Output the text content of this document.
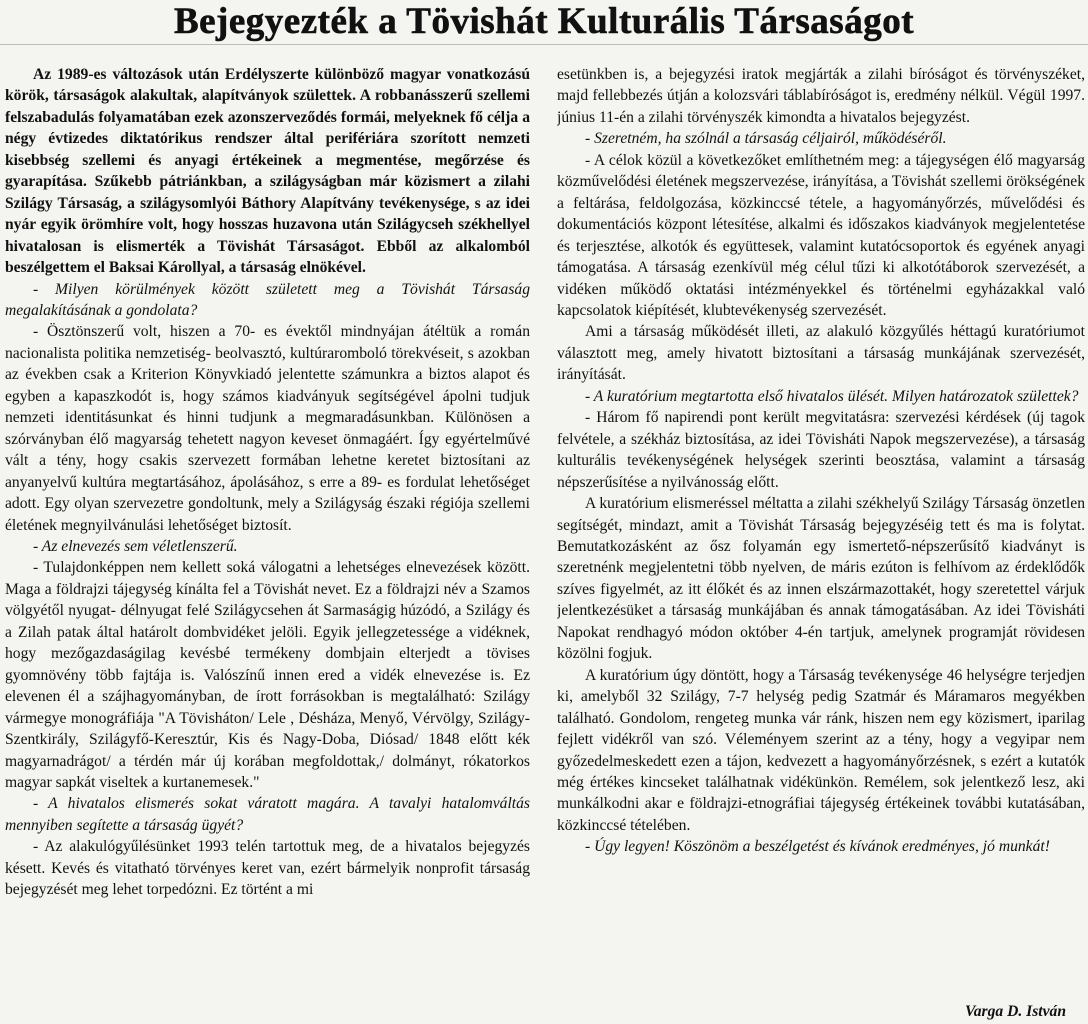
Bejegyezték a Tövishát Kulturális Társaságot

Az 1989-es változások után Erdélyszerte különböző magyar vonatkozású körök, társaságok alakultak, alapítványok születtek. A robbanásszerű szellemi felszabadulás folyamatában ezek azonszerveződés formái, melyeknek fő célja a négy évtizedes diktatórikus rendszer által perifériára szorított nemzeti kisebbség szellemi és anyagi értékeinek a megmentése, megőrzése és gyarapítása. Szűkebb pátriánkban, a szilágyságban már közismert a zilahi Szilágy Társaság, a szilágysomlyói Báthory Alapítvány tevékenysége, s az idei nyár egyik örömhíre volt, hogy hosszas huzavona után Szilágycseh székhellyel hivatalosan is elismerték a Tövishát Társaságot. Ebből az alkalomból beszélgettem el Baksai Károllyal, a társaság elnökével.

- Milyen körülmények között született meg a Tövishát Társaság megalakításának a gondolata?

- Ösztönszerű volt, hiszen a 70- es évektől mindnyájan átéltük a román nacionalista politika nemzetiség- beolvasztó, kultúraromboló törekvéseit, s azokban az években csak a Kriterion Könyvkiadó jelentette számunkra a biztos alapot és egyben a kapaszkodót is, hogy számos kiadványuk segítségével ápolni tudjuk nemzeti identitásunkat és hinni tudjunk a megmaradásunkban. Különösen a szórványban élő magyarság tehetett nagyon keveset önmagáért. Így egyértelművé vált a tény, hogy csakis szervezett formában lehetne keretet biztosítani az anyanyelvű kultúra megtartásához, ápolásához, s erre a 89- es fordulat lehetőséget adott. Egy olyan szervezetre gondoltunk, mely a Szilágyság északi régiója szellemi életének megnyilvánulási lehetőséget biztosít.

- Az elnevezés sem véletlenszerű.

- Tulajdonképpen nem kellett soká válogatni a lehetséges elnevezések között. Maga a földrajzi tájegység kínálta fel a Tövishát nevet. Ez a földrajzi név a Szamos völgyétől nyugat- délnyugat felé Szilágycsehen át Sarmaságig húzódó, a Szilágy és a Zilah patak által határolt dombvidéket jelöli. Egyik jellegzetessége a vidéknek, hogy mezőgazdaságilag kevésbé termékeny dombjain elterjedt a tövises gyomnövény több fajtája is. Valószínű innen ered a vidék elnevezése is. Ez elevenen él a szájhagyományban, de írott forrásokban is megtalálható: Szilágy vármegye monográfiája "A Tövisháton/ Lele , Désháza, Menyő, Vérvölgy, Szilágy-Szentkirály, Szilágyfő-Keresztúr, Kis és Nagy-Doba, Diósad/ 1848 előtt kék magyarnadrágot/ a térdén már új korában megfoldottak,/ dolmányt, rókatorkos magyar sapkát viseltek a kurtanemesek."

- A hivatalos elismerés sokat váratott magára. A tavalyi hatalomváltás mennyiben segítette a társaság ügyét?

- Az alakulógyűlésünket 1993 telén tartottuk meg, de a hivatalos bejegyzés késett. Kevés és vitatható törvényes keret van, ezért bármelyik nonprofit társaság bejegyzését meg lehet torpedózni. Ez történt a mi

esetünkben is, a bejegyzési iratok megjárták a zilahi bíróságot és törvényszéket, majd fellebbezés útján a kolozsvári táblabíróságot is, eredmény nélkül. Végül 1997. június 11-én a zilahi törvényszék kimondta a hivatalos bejegyzést.

- Szeretném, ha szólnál a társaság céljairól, működéséről.

- A célok közül a következőket említhetném meg: a tájegységen élő magyarság közművelődési életének megszervezése, irányítása, a Tövishát szellemi örökségének a feltárása, feldolgozása, közkinccsé tétele, a hagyományőrzés, művelődési és dokumentációs központ létesítése, alkalmi és időszakos kiadványok megjelentetése és terjesztése, alkotók és együttesek, valamint kutatócsoportok és egyének anyagi támogatása. A társaság ezenkívül még célul tűzi ki alkotótáborok szervezését, a vidéken működő oktatási intézményekkel és történelmi egyházakkal való kapcsolatok kiépítését, klubtevékenység szervezését.

Ami a társaság működését illeti, az alakuló közgyűlés héttagú kuratóriumot választott meg, amely hivatott biztosítani a társaság munkájának szervezését, irányítását.

- A kuratórium megtartotta első hivatalos ülését. Milyen határozatok születtek?

- Három fő napirendi pont került megvitatásra: szervezési kérdések (új tagok felvétele, a székház biztosítása, az idei Tövisháti Napok megszervezése), a társaság kulturális tevékenységének helységek szerinti beosztása, valamint a társaság népszerűsítése a nyilvánosság előtt.

A kuratórium elismeréssel méltatta a zilahi székhelyű Szilágy Társaság önzetlen segítségét, mindazt, amit a Tövishát Társaság bejegyzéséig tett és ma is folytat. Bemutatkozásként az ősz folyamán egy ismertető-népszerűsítő kiadványt is szeretnénk megjelentetni több nyelven, de máris ezúton is felhívom az érdeklődők szíves figyelmét, az itt élőkét és az innen elszármazottakét, hogy szeretettel várjuk jelentkezésüket a társaság munkájában és annak támogatásában. Az idei Tövisháti Napokat rendhagyó módon október 4-én tartjuk, amelynek programját rövidesen közölni fogjuk.

A kuratórium úgy döntött, hogy a Társaság tevékenysége 46 helységre terjedjen ki, amelyből 32 Szilágy, 7-7 helység pedig Szatmár és Máramaros megyékben található. Gondolom, rengeteg munka vár ránk, hiszen nem egy közismert, iparilag fejlett vidékről van szó. Véleményem szerint az a tény, hogy a vegyipar nem győzedelmeskedett ezen a tájon, kedvezett a hagyományőrzésnek, s ezért a kutatók még értékes kincseket találhatnak vidékünkön. Remélem, sok jelentkező lesz, aki munkálkodni akar e földrajzi-etnográfiai tájegység értékeinek további kutatásában, közkinccsé tételében.

- Úgy legyen! Köszönöm a beszélgetést és kívánok eredményes, jó munkát!

Varga D. István
